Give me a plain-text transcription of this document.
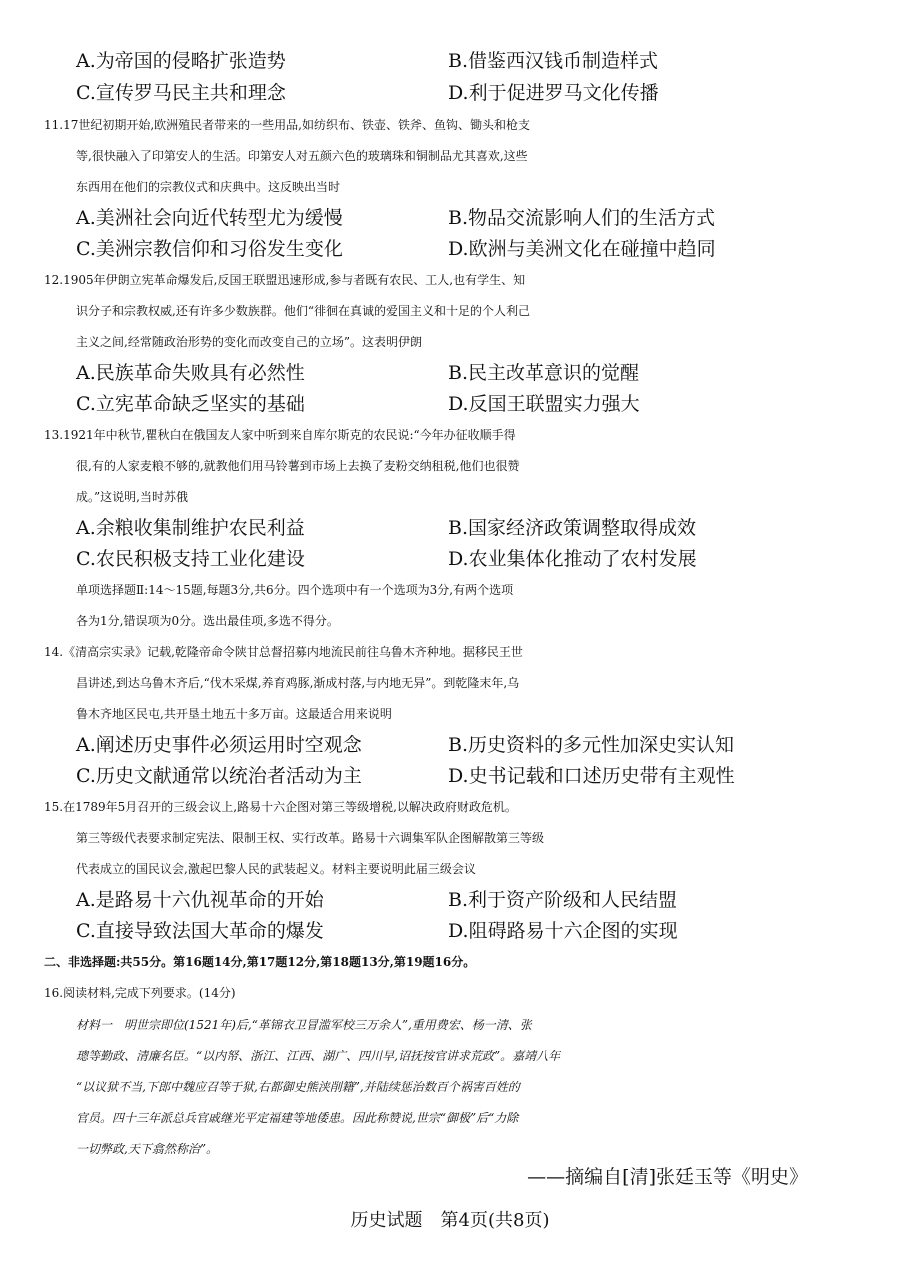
A.为帝国的侵略扩张造势	B.借鉴西汉钱币制造样式
C.宣传罗马民主共和理念	D.利于促进罗马文化传播
11.17世纪初期开始,欧洲殖民者带来的一些用品,如纺织布、铁壶、铁斧、鱼钩、锄头和枪支
等,很快融入了印第安人的生活。印第安人对五颜六色的玻璃珠和铜制品尤其喜欢,这些
东西用在他们的宗教仪式和庆典中。这反映出当时
A.美洲社会向近代转型尤为缓慢	B.物品交流影响人们的生活方式
C.美洲宗教信仰和习俗发生变化	D.欧洲与美洲文化在碰撞中趋同
12.1905年伊朗立宪革命爆发后,反国王联盟迅速形成,参与者既有农民、工人,也有学生、知
识分子和宗教权威,还有许多少数族群。他们“徘徊在真诚的爱国主义和十足的个人利己
主义之间,经常随政治形势的变化而改变自己的立场”。这表明伊朗
A.民族革命失败具有必然性	B.民主改革意识的觉醒
C.立宪革命缺乏坚实的基础	D.反国王联盟实力强大
13.1921年中秋节,瞿秋白在俄国友人家中听到来自库尔斯克的农民说:“今年办征收顺手得
很,有的人家麦粮不够的,就教他们用马铃薯到市场上去换了麦粉交纳租税,他们也很赞
成。”这说明,当时苏俄
A.余粮收集制维护农民利益	B.国家经济政策调整取得成效
C.农民积极支持工业化建设	D.农业集体化推动了农村发展
单项选择题Ⅱ:14～15题,每题3分,共6分。四个选项中有一个选项为3分,有两个选项
各为1分,错误项为0分。选出最佳项,多选不得分。
14.《清高宗实录》记载,乾隆帝命令陕甘总督招募内地流民前往乌鲁木齐种地。据移民王世
昌讲述,到达乌鲁木齐后,“伐木采煤,养育鸡豚,渐成村落,与内地无异”。到乾隆末年,乌
鲁木齐地区民屯,共开垦土地五十多万亩。这最适合用来说明
A.阐述历史事件必须运用时空观念	B.历史资料的多元性加深史实认知
C.历史文献通常以统治者活动为主	D.史书记载和口述历史带有主观性
15.在1789年5月召开的三级会议上,路易十六企图对第三等级增税,以解决政府财政危机。
第三等级代表要求制定宪法、限制王权、实行改革。路易十六调集军队企图解散第三等级
代表成立的国民议会,激起巴黎人民的武装起义。材料主要说明此届三级会议
A.是路易十六仇视革命的开始	B.利于资产阶级和人民结盟
C.直接导致法国大革命的爆发	D.阻碍路易十六企图的实现
二、非选择题:共55分。第16题14分,第17题12分,第18题13分,第19题16分。
16.阅读材料,完成下列要求。(14分)
材料一　明世宗即位(1521年)后,“革锦衣卫冒滥军校三万余人”,重用费宏、杨一清、张
璁等勤政、清廉名臣。“以内帑、浙江、江西、湖广、四川早,诏抚按官讲求荒政”。嘉靖八年
“以议狱不当,下郎中魏应召等于狱,右都御史熊浃削籍”,并陆续惩治数百个祸害百姓的
官员。四十三年派总兵官戚继光平定福建等地倭患。因此称赞说,世宗“御极”后“力除
一切弊政,天下翕然称治”。
——摘编自[清]张廷玉等《明史》
历史试题　第4页(共8页)
